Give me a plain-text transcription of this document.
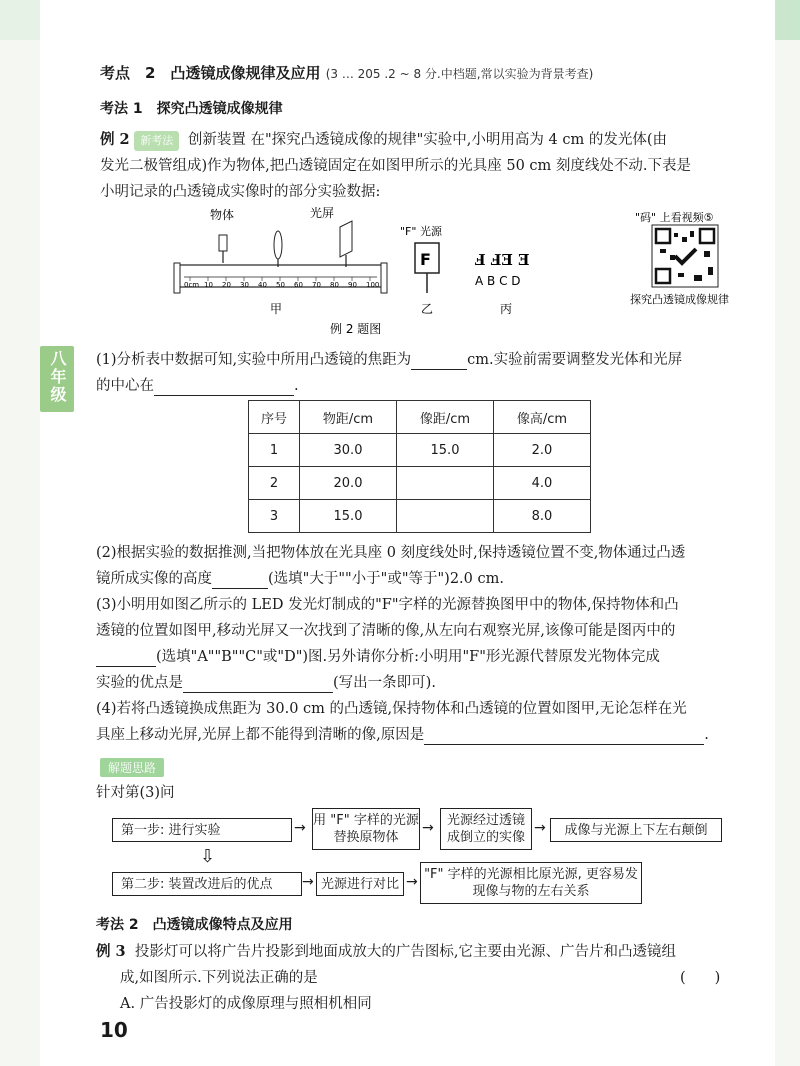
八年级
考点　2　凸透镜成像规律及应用 (3 … 205 .2 ~ 8 分.中档题,常以实验为背景考查)
考法 1　探究凸透镜成像规律
例 2 新考法 创新装置 在"探究凸透镜成像的规律"实验中,小明用高为 4 cm 的发光体(由
发光二极管组成)作为物体,把凸透镜固定在如图甲所示的光具座 50 cm 刻度线处不动.下表是
小明记录的凸透镜成实像时的部分实验数据:
物体	光屏
0cm 10 20 30 40 50 60 70 80 90 100
甲
"F" 光源
F
乙
Ⅎ ℲƎ Ǝ
A B C D
丙
例 2 题图
"码" 上看视频⑤
探究凸透镜成像规律
(1)分析表中数据可知,实验中所用凸透镜的焦距为	cm.实验前需要调整发光体和光屏
的中心在	.
序号	物距/cm	像距/cm	像高/cm
1	30.0	15.0	2.0
2	20.0		4.0
3	15.0		8.0
(2)根据实验的数据推测,当把物体放在光具座 0 刻度线处时,保持透镜位置不变,物体通过凸透
镜所成实像的高度	(选填"大于""小于"或"等于")2.0 cm.
(3)小明用如图乙所示的 LED 发光灯制成的"F"字样的光源替换图甲中的物体,保持物体和凸
透镜的位置如图甲,移动光屏又一次找到了清晰的像,从左向右观察光屏,该像可能是图丙中的
(选填"A""B""C"或"D")图.另外请你分析:小明用"F"形光源代替原发光物体完成
实验的优点是	(写出一条即可).
(4)若将凸透镜换成焦距为 30.0 cm 的凸透镜,保持物体和凸透镜的位置如图甲,无论怎样在光
具座上移动光屏,光屏上都不能得到清晰的像,原因是	.
解题思路
针对第(3)问
第一步: 进行实验	→ 用 "F" 字样的光源替换原物体
→	光源经过透镜成倒立的实像
→	成像与光源上下左右颠倒
⇩
第二步: 装置改进后的优点	→ 光源进行对比 → "F" 字样的光源相比原光源, 更容易发现像与物的左右关系
考法 2　凸透镜成像特点及应用
例 3 投影灯可以将广告片投影到地面成放大的广告图标,它主要由光源、广告片和凸透镜组
成,如图所示.下列说法正确的是	(　　)
A. 广告投影灯的成像原理与照相机相同
10
